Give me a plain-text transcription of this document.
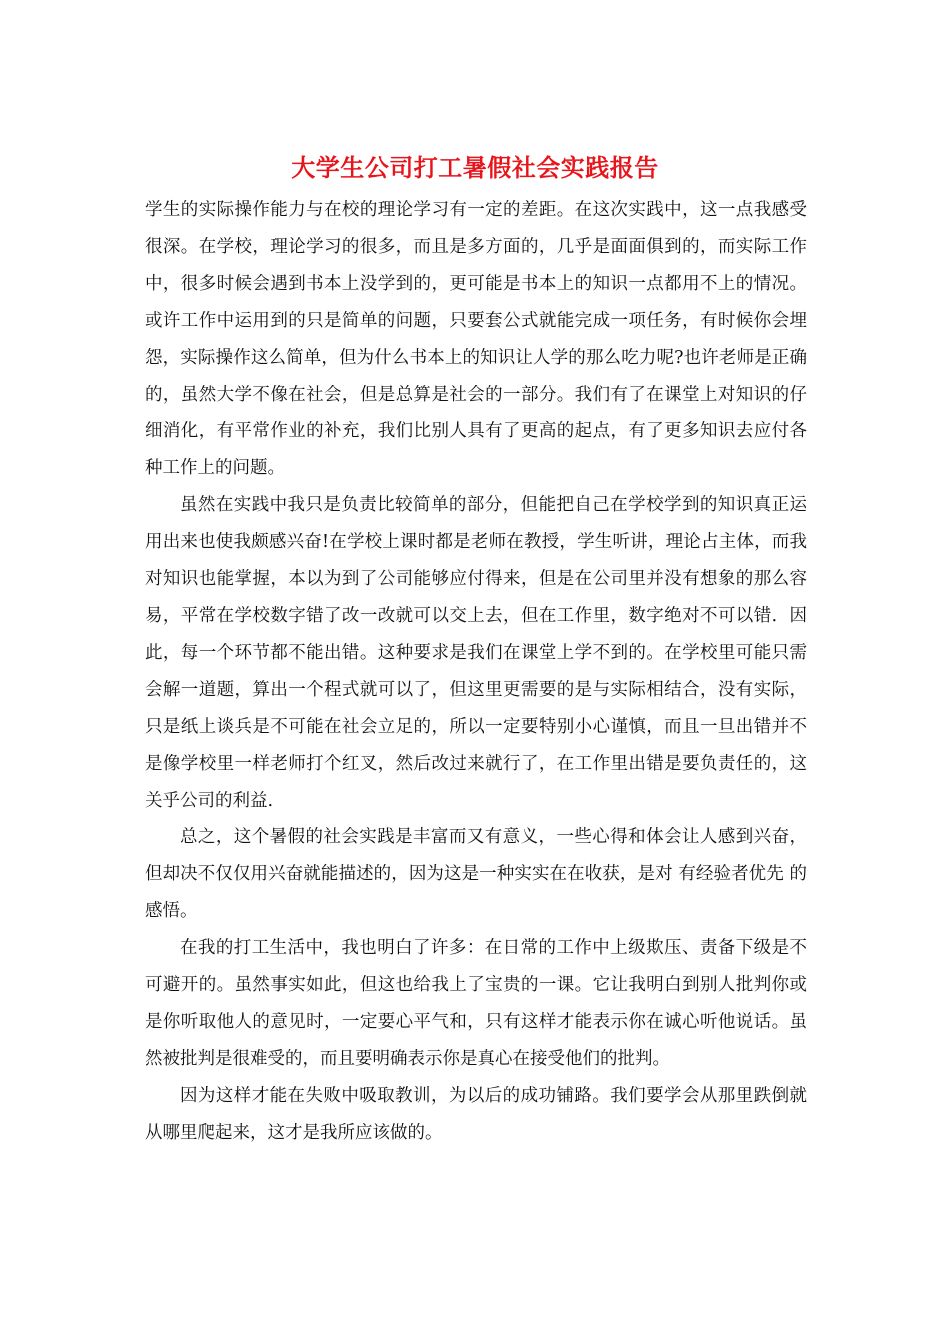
大学生公司打工暑假社会实践报告

学生的实际操作能力与在校的理论学习有一定的差距。在这次实践中，这一点我感受很深。在学校，理论学习的很多，而且是多方面的，几乎是面面俱到的，而实际工作中，很多时候会遇到书本上没学到的，更可能是书本上的知识一点都用不上的情况。或许工作中运用到的只是简单的问题，只要套公式就能完成一项任务，有时候你会埋怨，实际操作这么简单，但为什么书本上的知识让人学的那么吃力呢?也许老师是正确的，虽然大学不像在社会，但是总算是社会的一部分。我们有了在课堂上对知识的仔细消化，有平常作业的补充，我们比别人具有了更高的起点，有了更多知识去应付各种工作上的问题。

虽然在实践中我只是负责比较简单的部分，但能把自己在学校学到的知识真正运用出来也使我颇感兴奋!在学校上课时都是老师在教授，学生听讲，理论占主体，而我对知识也能掌握，本以为到了公司能够应付得来，但是在公司里并没有想象的那么容易，平常在学校数字错了改一改就可以交上去，但在工作里，数字绝对不可以错．因此，每一个环节都不能出错。这种要求是我们在课堂上学不到的。在学校里可能只需会解一道题，算出一个程式就可以了，但这里更需要的是与实际相结合，没有实际，只是纸上谈兵是不可能在社会立足的，所以一定要特别小心谨慎，而且一旦出错并不是像学校里一样老师打个红叉，然后改过来就行了，在工作里出错是要负责任的，这关乎公司的利益.

总之，这个暑假的社会实践是丰富而又有意义，一些心得和体会让人感到兴奋，但却决不仅仅用兴奋就能描述的，因为这是一种实实在在收获，是对 有经验者优先 的感悟。

在我的打工生活中，我也明白了许多：在日常的工作中上级欺压、责备下级是不可避开的。虽然事实如此，但这也给我上了宝贵的一课。它让我明白到别人批判你或是你听取他人的意见时，一定要心平气和，只有这样才能表示你在诚心听他说话。虽然被批判是很难受的，而且要明确表示你是真心在接受他们的批判。

因为这样才能在失败中吸取教训，为以后的成功铺路。我们要学会从那里跌倒就从哪里爬起来，这才是我所应该做的。
